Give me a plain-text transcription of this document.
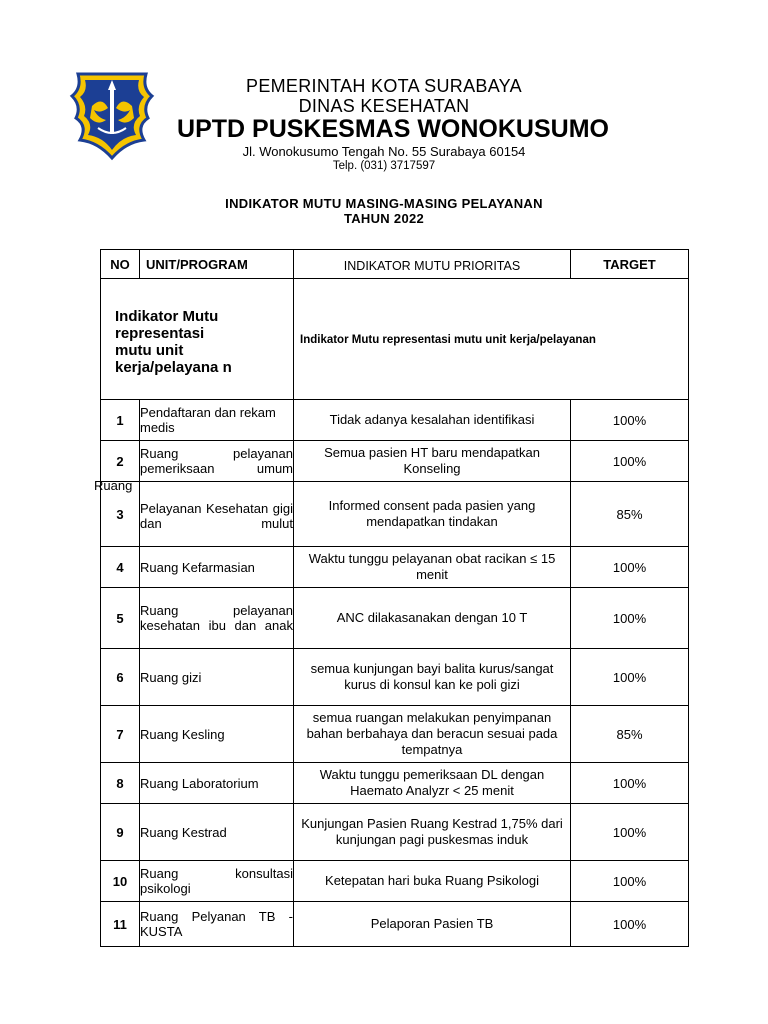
PEMERINTAH KOTA SURABAYA
DINAS KESEHATAN
UPTD PUSKESMAS WONOKUSUMO
Jl. Wonokusumo Tengah No. 55 Surabaya 60154
Telp. (031) 3717597
INDIKATOR MUTU MASING-MASING PELAYANAN
TAHUN 2022
NO	UNIT/PROGRAM	INDIKATOR MUTU PRIORITAS	TARGET

Indikator Mutu representasi mutu unit kerja/pelayana n		Indikator Mutu representasi mutu unit kerja/pelayanan	
1	Pendaftaran dan rekam medis	Tidak adanya kesalahan identifikasi	100%
2	Ruang pelayanan pemeriksaan umum	Semua pasien HT baru mendapatkan Konseling	100%
3	Pelayanan Kesehatan gigi dan mulut	Informed consent pada pasien yang mendapatkan tindakan	85%
4	Ruang Kefarmasian	Waktu tunggu pelayanan obat racikan ≤ 15 menit	100%
5	Ruang pelayanan kesehatan ibu dan anak	ANC dilakasanakan dengan 10 T	100%
6	Ruang gizi	semua kunjungan bayi balita kurus/sangat kurus di konsul kan ke poli gizi	100%
7	Ruang Kesling	semua ruangan melakukan penyimpanan bahan berbahaya dan beracun sesuai pada tempatnya	85%
8	Ruang Laboratorium	Waktu tunggu pemeriksaan DL dengan Haemato Analyzr < 25 menit	100%
9	Ruang Kestrad	Kunjungan Pasien Ruang Kestrad 1,75% dari kunjungan pagi puskesmas induk	100%
10	Ruang konsultasi psikologi	Ketepatan hari buka Ruang Psikologi	100%
11	Ruang Pelyanan TB - KUSTA	Pelaporan Pasien TB	100%
Ruang
